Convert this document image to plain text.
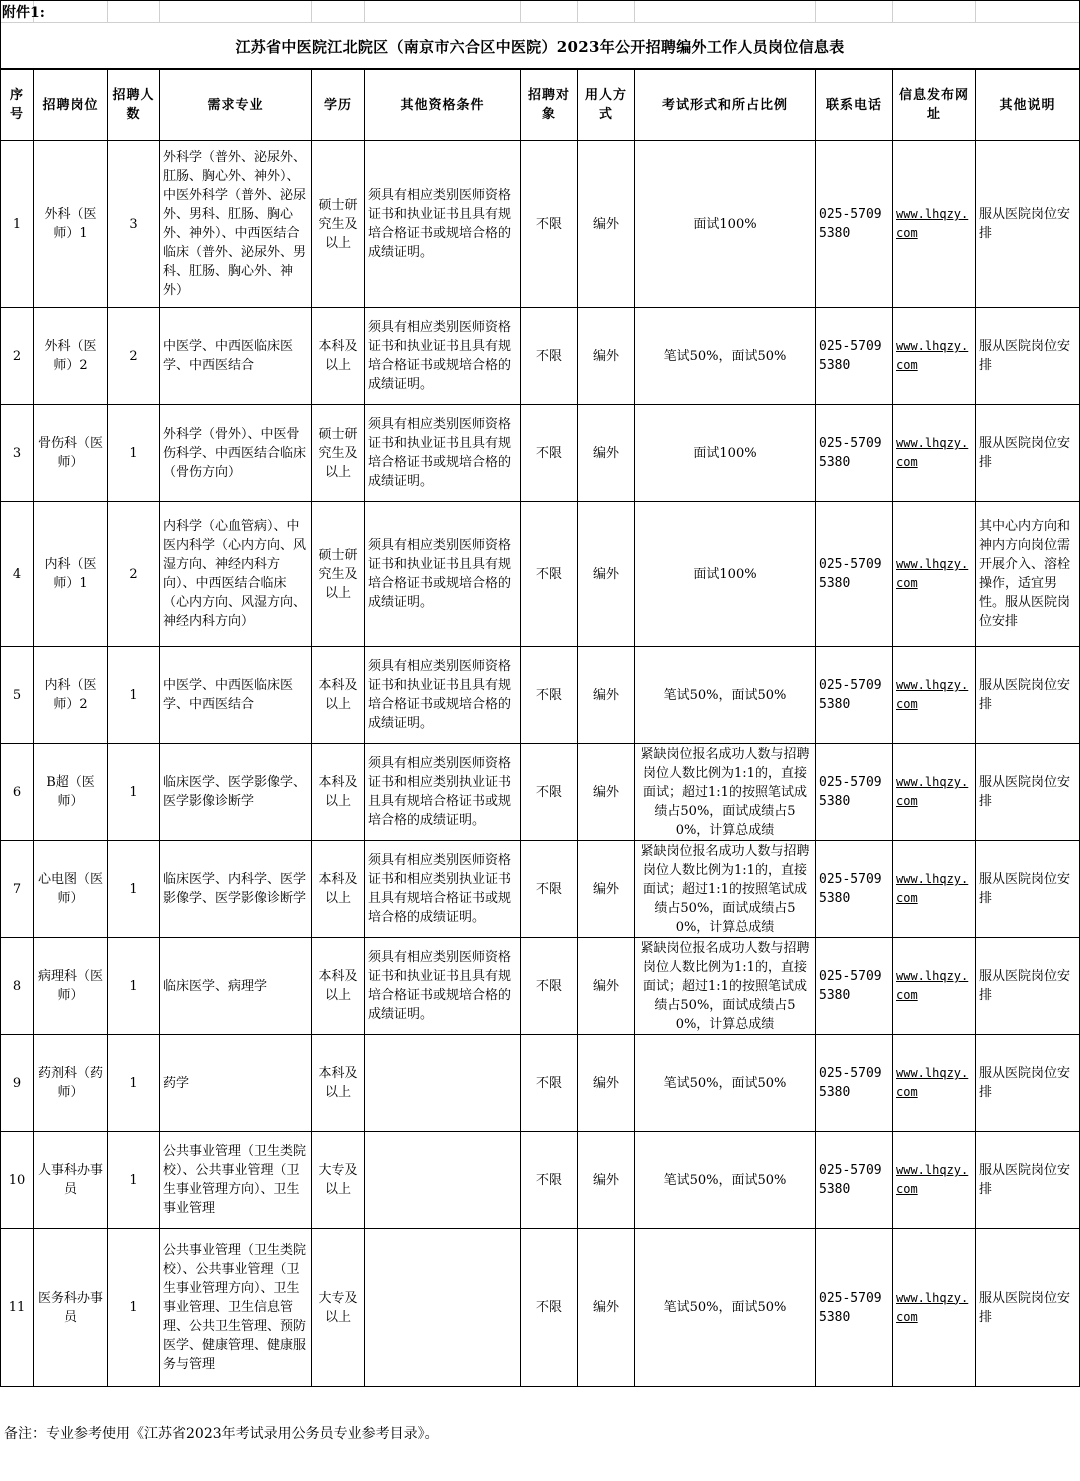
附件1:
江苏省中医院江北院区（南京市六合区中医院）2023年公开招聘编外工作人员岗位信息表
序号	招聘岗位	招聘人数	需求专业	学历	其他资格条件	招聘对象	用人方式	考试形式和所占比例	联系电话	信息发布网址	其他说明
1	外科（医师）1	3	外科学（普外、泌尿外、肛肠、胸心外、神外）、中医外科学（普外、泌尿外、男科、肛肠、胸心外、神外）、中西医结合临床（普外、泌尿外、男科、肛肠、胸心外、神外）	硕士研究生及以上	须具有相应类别医师资格证书和执业证书且具有规培合格证书或规培合格的成绩证明。	不限	编外	面试100%	025-57095380	www.lhqzy.com	服从医院岗位安排
2	外科（医师）2	2	中医学、中西医临床医学、中西医结合	本科及以上	须具有相应类别医师资格证书和执业证书且具有规培合格证书或规培合格的成绩证明。	不限	编外	笔试50%，面试50%	025-57095380	www.lhqzy.com	服从医院岗位安排
3	骨伤科（医师）	1	外科学（骨外）、中医骨伤科学、中西医结合临床（骨伤方向）	硕士研究生及以上	须具有相应类别医师资格证书和执业证书且具有规培合格证书或规培合格的成绩证明。	不限	编外	面试100%	025-57095380	www.lhqzy.com	服从医院岗位安排
4	内科（医师）1	2	内科学（心血管病）、中医内科学（心内方向、风湿方向、神经内科方向）、中西医结合临床（心内方向、风湿方向、神经内科方向）	硕士研究生及以上	须具有相应类别医师资格证书和执业证书且具有规培合格证书或规培合格的成绩证明。	不限	编外	面试100%	025-57095380	www.lhqzy.com	其中心内方向和神内方向岗位需开展介入、溶栓操作，适宜男性。服从医院岗位安排
5	内科（医师）2	1	中医学、中西医临床医学、中西医结合	本科及以上	须具有相应类别医师资格证书和执业证书且具有规培合格证书或规培合格的成绩证明。	不限	编外	笔试50%，面试50%	025-57095380	www.lhqzy.com	服从医院岗位安排
6	B超（医师）	1	临床医学、医学影像学、医学影像诊断学	本科及以上	须具有相应类别医师资格证书和相应类别执业证书且具有规培合格证书或规培合格的成绩证明。	不限	编外	紧缺岗位报名成功人数与招聘岗位人数比例为1:1的，直接面试；超过1:1的按照笔试成绩占50%，面试成绩占50%，计算总成绩	025-57095380	www.lhqzy.com	服从医院岗位安排
7	心电图（医师）	1	临床医学、内科学、医学影像学、医学影像诊断学	本科及以上	须具有相应类别医师资格证书和相应类别执业证书且具有规培合格证书或规培合格的成绩证明。	不限	编外	紧缺岗位报名成功人数与招聘岗位人数比例为1:1的，直接面试；超过1:1的按照笔试成绩占50%，面试成绩占50%，计算总成绩	025-57095380	www.lhqzy.com	服从医院岗位安排
8	病理科（医师）	1	临床医学、病理学	本科及以上	须具有相应类别医师资格证书和执业证书且具有规培合格证书或规培合格的成绩证明。	不限	编外	紧缺岗位报名成功人数与招聘岗位人数比例为1:1的，直接面试；超过1:1的按照笔试成绩占50%，面试成绩占50%，计算总成绩	025-57095380	www.lhqzy.com	服从医院岗位安排
9	药剂科（药师）	1	药学	本科及以上		不限	编外	笔试50%，面试50%	025-57095380	www.lhqzy.com	服从医院岗位安排
10	人事科办事员	1	公共事业管理（卫生类院校）、公共事业管理（卫生事业管理方向）、卫生事业管理	大专及以上		不限	编外	笔试50%，面试50%	025-57095380	www.lhqzy.com	服从医院岗位安排
11	医务科办事员	1	公共事业管理（卫生类院校）、公共事业管理（卫生事业管理方向）、卫生事业管理、卫生信息管理、公共卫生管理、预防医学、健康管理、健康服务与管理	大专及以上		不限	编外	笔试50%，面试50%	025-57095380	www.lhqzy.com	服从医院岗位安排
备注：专业参考使用《江苏省2023年考试录用公务员专业参考目录》。
